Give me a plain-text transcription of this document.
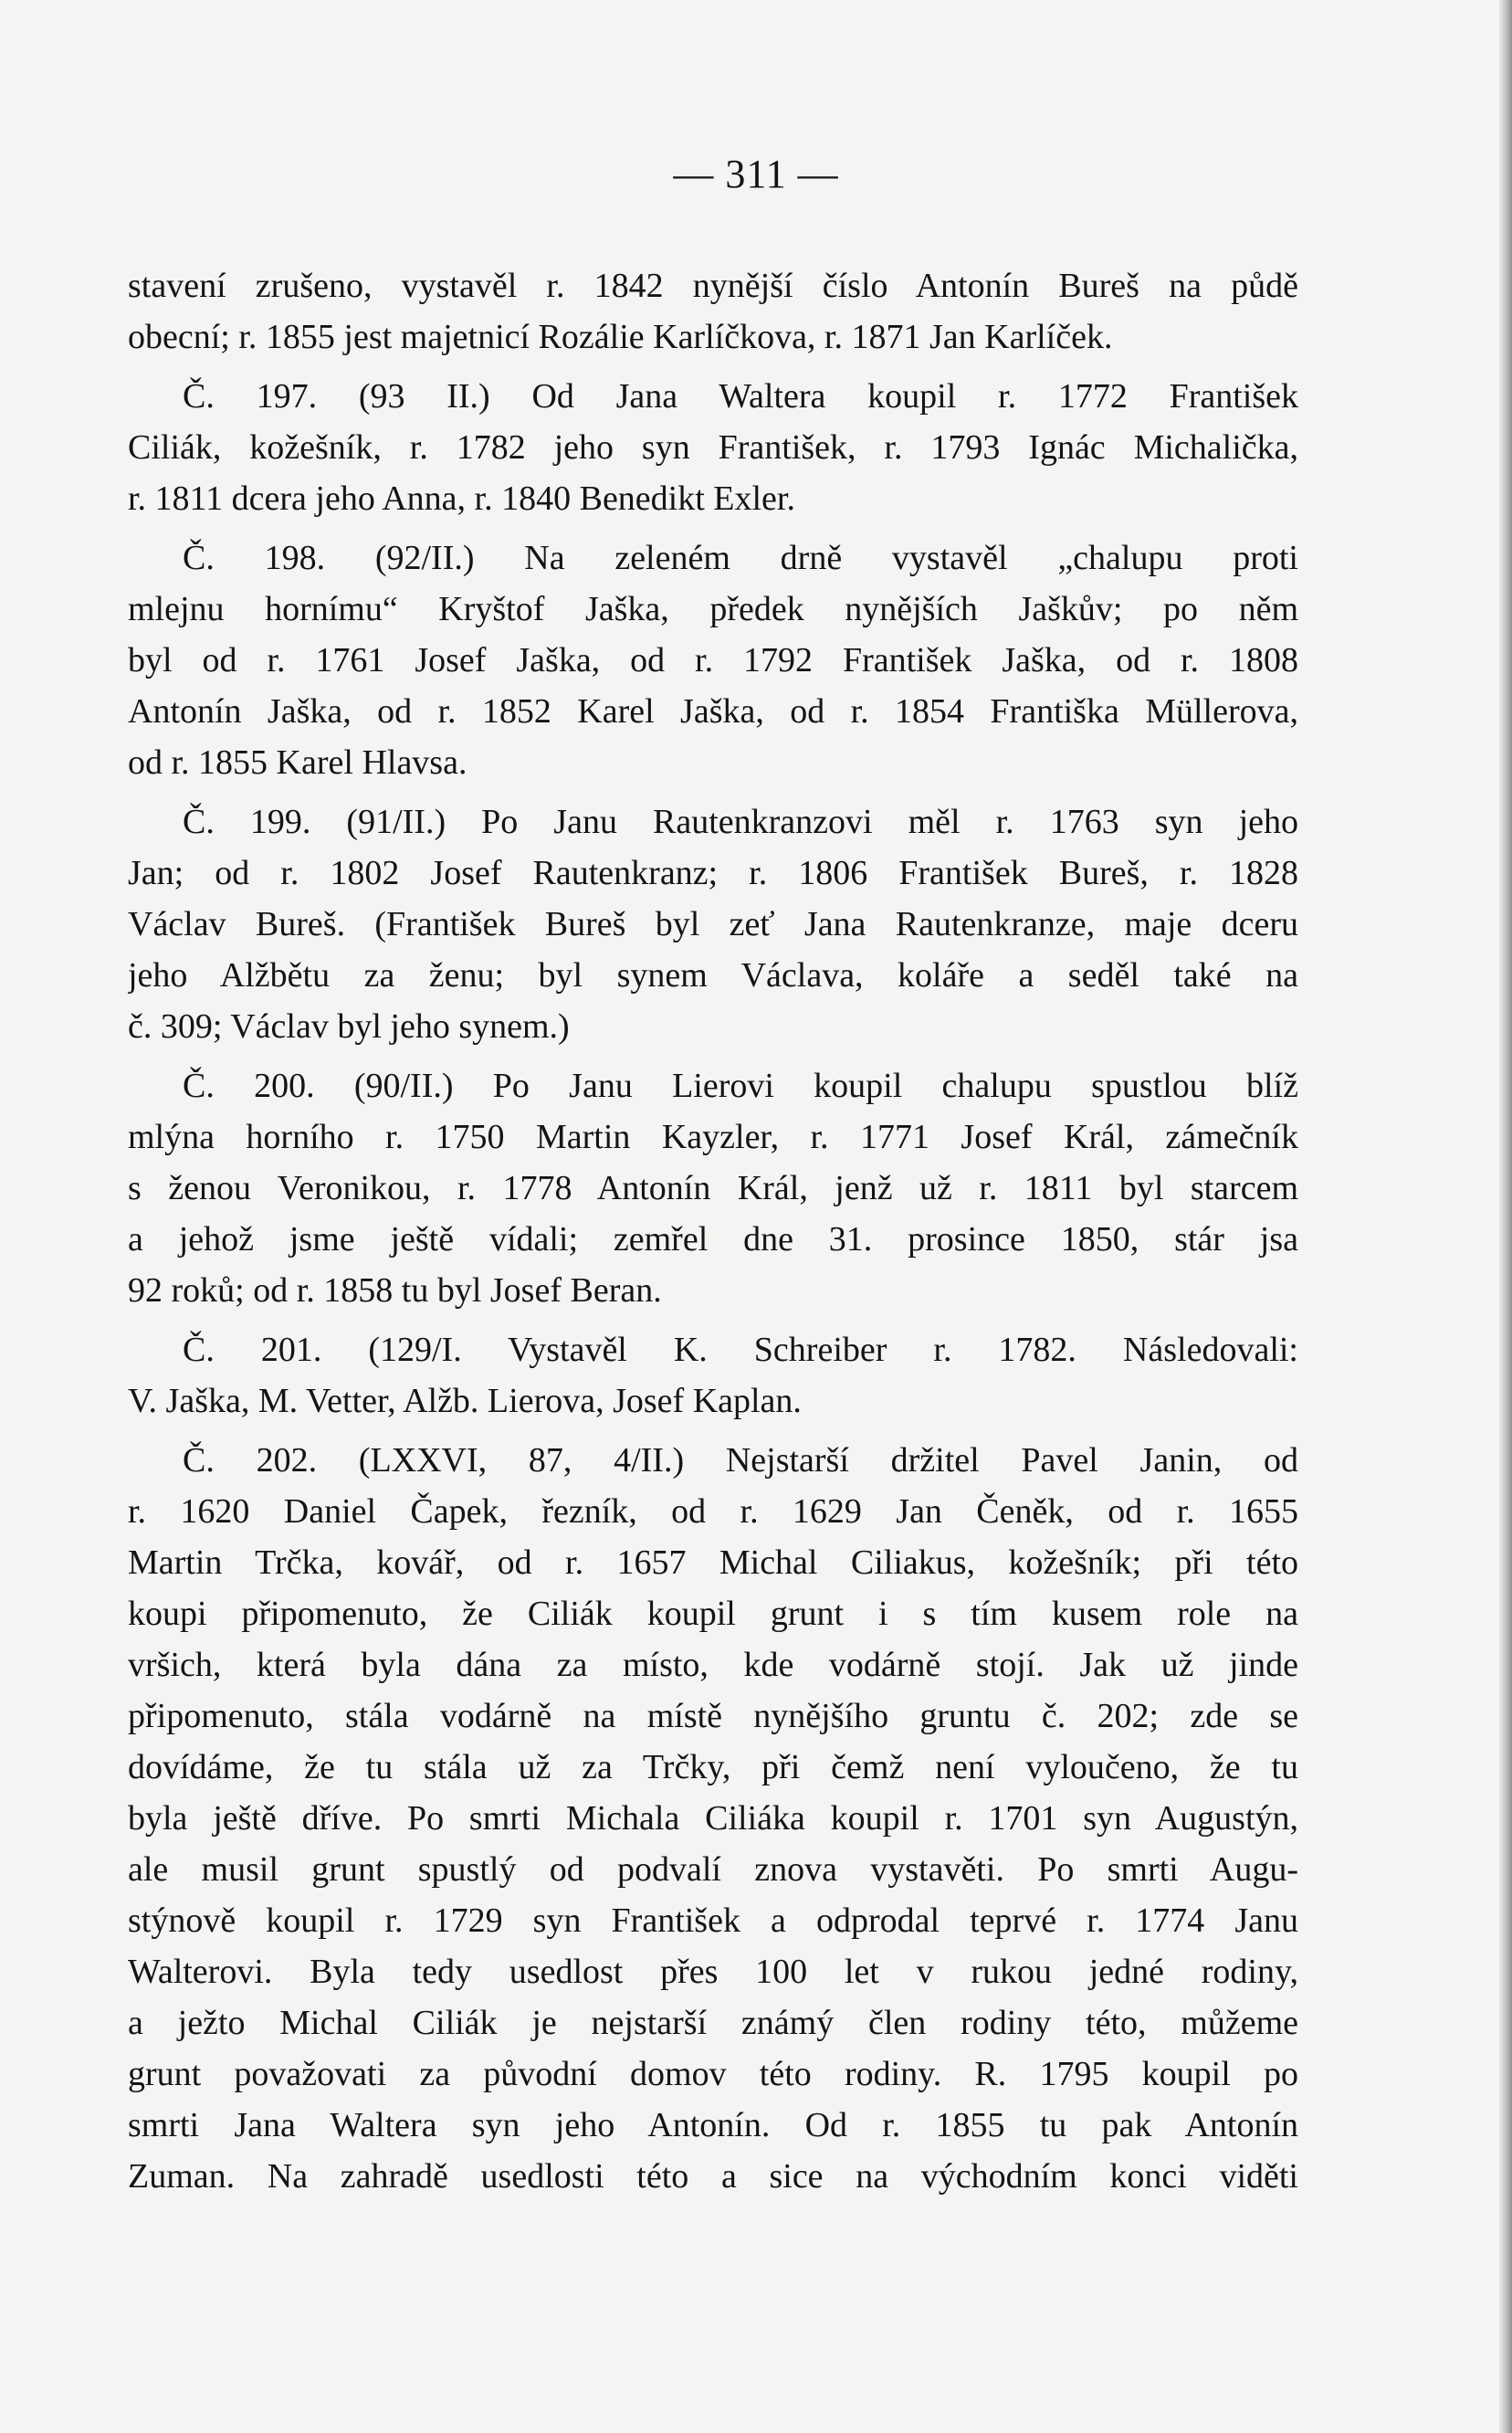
— 311 —
stavení zrušeno, vystavěl r. 1842 nynější číslo Antonín Bureš na půdě
obecní; r. 1855 jest majetnicí Rozálie Karlíčkova, r. 1871 Jan Karlíček.
Č. 197. (93 II.) Od Jana Waltera koupil r. 1772 František
Ciliák, kožešník, r. 1782 jeho syn František, r. 1793 Ignác Michalička,
r. 1811 dcera jeho Anna, r. 1840 Benedikt Exler.
Č. 198. (92/II.) Na zeleném drně vystavěl „chalupu proti
mlejnu hornímu“ Kryštof Jaška, předek nynějších Jaškův; po něm
byl od r. 1761 Josef Jaška, od r. 1792 František Jaška, od r. 1808
Antonín Jaška, od r. 1852 Karel Jaška, od r. 1854 Františka Müllerova,
od r. 1855 Karel Hlavsa.
Č. 199. (91/II.) Po Janu Rautenkranzovi měl r. 1763 syn jeho
Jan; od r. 1802 Josef Rautenkranz; r. 1806 František Bureš, r. 1828
Václav Bureš. (František Bureš byl zeť Jana Rautenkranze, maje dceru
jeho Alžbětu za ženu; byl synem Václava, koláře a seděl také na
č. 309; Václav byl jeho synem.)
Č. 200. (90/II.) Po Janu Lierovi koupil chalupu spustlou blíž
mlýna horního r. 1750 Martin Kayzler, r. 1771 Josef Král, zámečník
s ženou Veronikou, r. 1778 Antonín Král, jenž už r. 1811 byl starcem
a jehož jsme ještě vídali; zemřel dne 31. prosince 1850, stár jsa
92 roků; od r. 1858 tu byl Josef Beran.
Č. 201. (129/I. Vystavěl K. Schreiber r. 1782. Následovali:
V. Jaška, M. Vetter, Alžb. Lierova, Josef Kaplan.
Č. 202. (LXXVI, 87, 4/II.) Nejstarší držitel Pavel Janin, od
r. 1620 Daniel Čapek, řezník, od r. 1629 Jan Čeněk, od r. 1655
Martin Trčka, kovář, od r. 1657 Michal Ciliakus, kožešník; při této
koupi připomenuto, že Ciliák koupil grunt i s tím kusem role na
vršich, která byla dána za místo, kde vodárně stojí. Jak už jinde
připomenuto, stála vodárně na místě nynějšího gruntu č. 202; zde se
dovídáme, že tu stála už za Trčky, při čemž není vyloučeno, že tu
byla ještě dříve. Po smrti Michala Ciliáka koupil r. 1701 syn Augustýn,
ale musil grunt spustlý od podvalí znova vystavěti. Po smrti Augu-
stýnově koupil r. 1729 syn František a odprodal teprvé r. 1774 Janu
Walterovi. Byla tedy usedlost přes 100 let v rukou jedné rodiny,
a ježto Michal Ciliák je nejstarší známý člen rodiny této, můžeme
grunt považovati za původní domov této rodiny. R. 1795 koupil po
smrti Jana Waltera syn jeho Antonín. Od r. 1855 tu pak Antonín
Zuman. Na zahradě usedlosti této a sice na východním konci viděti
